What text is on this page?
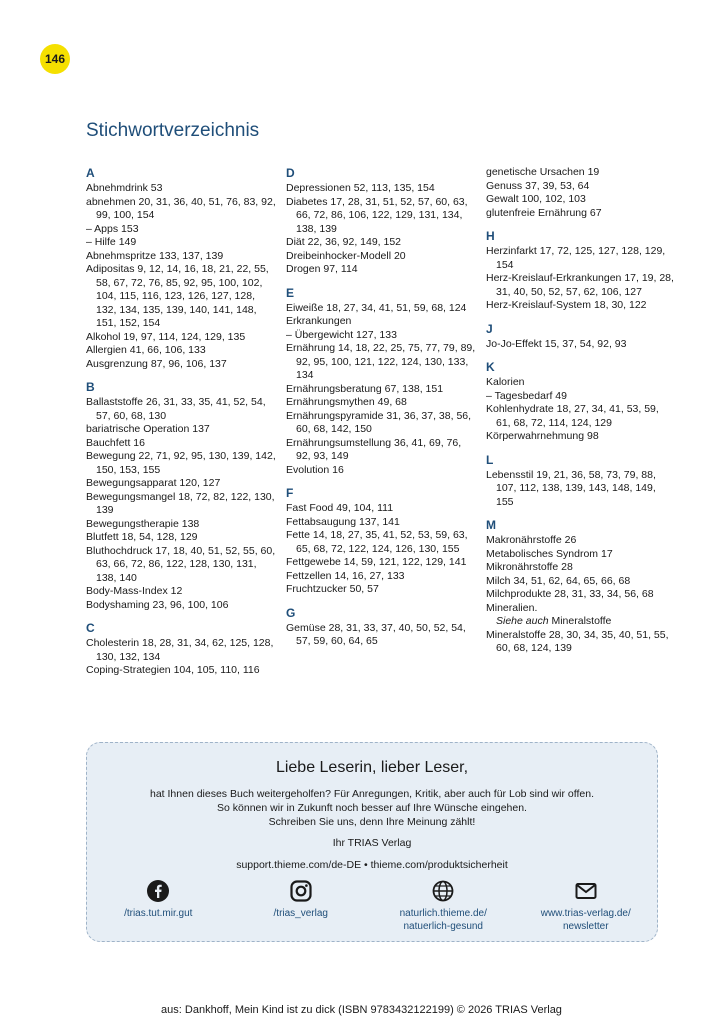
146
Stichwortverzeichnis
A
Abnehmdrink 53
abnehmen 20, 31, 36, 40, 51, 76, 83, 92, 99, 100, 154
– Apps 153
– Hilfe 149
Abnehmspritze 133, 137, 139
Adipositas 9, 12, 14, 16, 18, 21, 22, 55, 58, 67, 72, 76, 85, 92, 95, 100, 102, 104, 115, 116, 123, 126, 127, 128, 132, 134, 135, 139, 140, 141, 148, 151, 152, 154
Alkohol 19, 97, 114, 124, 129, 135
Allergien 41, 66, 106, 133
Ausgrenzung 87, 96, 106, 137
B
Ballaststoffe 26, 31, 33, 35, 41, 52, 54, 57, 60, 68, 130
bariatrische Operation 137
Bauchfett 16
Bewegung 22, 71, 92, 95, 130, 139, 142, 150, 153, 155
Bewegungsapparat 120, 127
Bewegungsmangel 18, 72, 82, 122, 130, 139
Bewegungstherapie 138
Blutfett 18, 54, 128, 129
Bluthochdruck 17, 18, 40, 51, 52, 55, 60, 63, 66, 72, 86, 122, 128, 130, 131, 138, 140
Body-Mass-Index 12
Bodyshaming 23, 96, 100, 106
C
Cholesterin 18, 28, 31, 34, 62, 125, 128, 130, 132, 134
Coping-Strategien 104, 105, 110, 116
D
Depressionen 52, 113, 135, 154
Diabetes 17, 28, 31, 51, 52, 57, 60, 63, 66, 72, 86, 106, 122, 129, 131, 134, 138, 139
Diät 22, 36, 92, 149, 152
Dreibeinhocker-Modell 20
Drogen 97, 114
E
Eiweiße 18, 27, 34, 41, 51, 59, 68, 124
Erkrankungen
– Übergewicht 127, 133
Ernährung 14, 18, 22, 25, 75, 77, 79, 89, 92, 95, 100, 121, 122, 124, 130, 133, 134
Ernährungsberatung 67, 138, 151
Ernährungsmythen 49, 68
Ernährungspyramide 31, 36, 37, 38, 56, 60, 68, 142, 150
Ernährungsumstellung 36, 41, 69, 76, 92, 93, 149
Evolution 16
F
Fast Food 49, 104, 111
Fettabsaugung 137, 141
Fette 14, 18, 27, 35, 41, 52, 53, 59, 63, 65, 68, 72, 122, 124, 126, 130, 155
Fettgewebe 14, 59, 121, 122, 129, 141
Fettzellen 14, 16, 27, 133
Fruchtzucker 50, 57
G
Gemüse 28, 31, 33, 37, 40, 50, 52, 54, 57, 59, 60, 64, 65
genetische Ursachen 19
Genuss 37, 39, 53, 64
Gewalt 100, 102, 103
glutenfreie Ernährung 67
H
Herzinfarkt 17, 72, 125, 127, 128, 129, 154
Herz-Kreislauf-Erkrankungen 17, 19, 28, 31, 40, 50, 52, 57, 62, 106, 127
Herz-Kreislauf-System 18, 30, 122
J
Jo-Jo-Effekt 15, 37, 54, 92, 93
K
Kalorien
– Tagesbedarf 49
Kohlenhydrate 18, 27, 34, 41, 53, 59, 61, 68, 72, 114, 124, 129
Körperwahrnehmung 98
L
Lebensstil 19, 21, 36, 58, 73, 79, 88, 107, 112, 138, 139, 143, 148, 149, 155
M
Makronährstoffe 26
Metabolisches Syndrom 17
Mikronährstoffe 28
Milch 34, 51, 62, 64, 65, 66, 68
Milchprodukte 28, 31, 33, 34, 56, 68
Mineralien.
Siehe auch Mineralstoffe
Mineralstoffe 28, 30, 34, 35, 40, 51, 55, 60, 68, 124, 139
Liebe Leserin, lieber Leser,

hat Ihnen dieses Buch weitergeholfen? Für Anregungen, Kritik, aber auch für Lob sind wir offen.

So können wir in Zukunft noch besser auf Ihre Wünsche eingehen.

Schreiben Sie uns, denn Ihre Meinung zählt!

Ihr TRIAS Verlag

support.thieme.com/de-DE • thieme.com/produktsicherheit

/trias.tut.mir.gut	/trias_verlag	naturlich.thieme.de/
natuerlich-gesund
www.trias-verlag.de/
newsletter
aus: Dankhoff, Mein Kind ist zu dick (ISBN 9783432122199) © 2026 TRIAS Verlag
